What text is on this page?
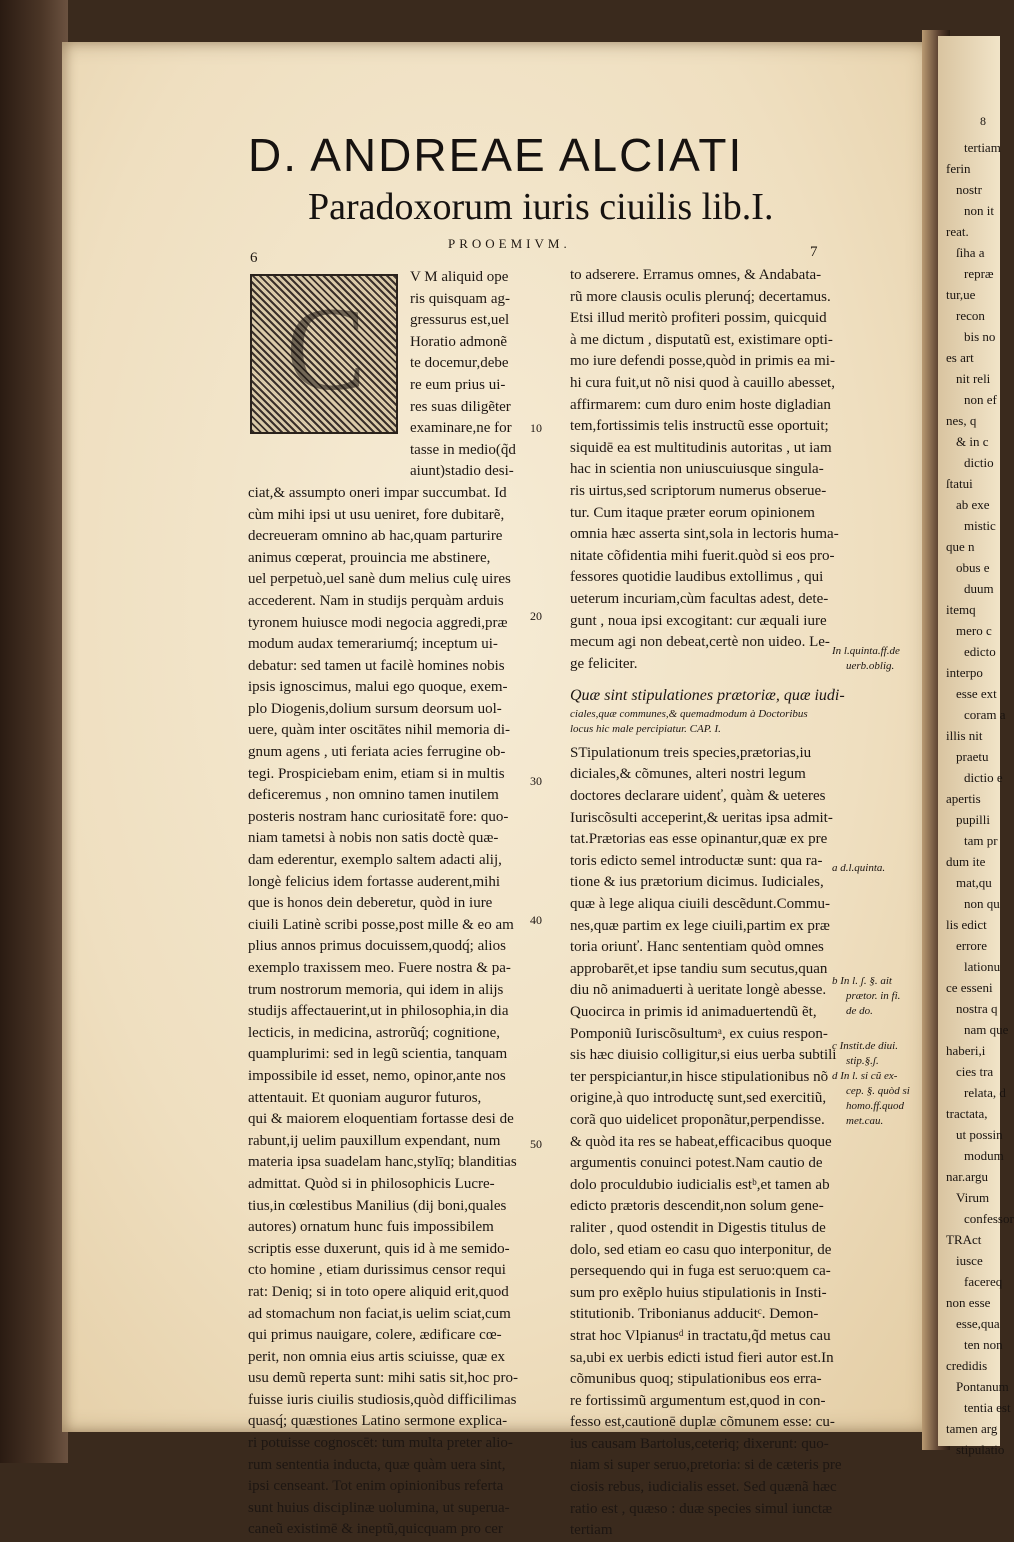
8
tertiam
ferin
nostr
non it
reat.
ſiha a
repræ
tur,ue
recon
bis no
es art
nit reli
non ef
nes, q
& in c
dictio
ſtatui
ab exe
mistic
que n
obus e
duum
itemq
mero c
edicto
interpo
esse ext
coram a
illis nit
praetu
dictio e
apertis
pupilli
tam pr
dum ite
mat,qu
non qu
lis edict
errore
lationu
ce esseni
nostra q
nam que
haberi,i
cies tra
relata, d
tractata,
ut possin
modum
nar.argu
Virum
confessor
TRAct
iusce
facereq
non esse
esse,qua
ten non
credidis
Pontanum
tentia est
tamen arg
stipulatio
D. ANDREAE ALCIATI
Paradoxorum iuris ciuilis lib.I.
PROOEMIVM.
6	7
C
V M aliquid ope
ris quisquam ag-
gressurus est,uel
Horatio admonẽ
te docemur,debe
re eum prius ui-
res suas diligẽter
examinare,ne for
tasse in medio(q̃d
aiunt)stadio desi-
ciat,& assumpto oneri impar succumbat. Id
cùm mihi ipsi ut usu ueniret, fore dubitarẽ,
decreueram omnino ab hac,quam parturire
animus cœperat, prouincia me abstinere,
uel perpetuò,uel sanè dum melius culę uires
accederent. Nam in studijs perquàm arduis
tyronem huiusce modi negocia aggredi,præ
modum audax temerariumq́; inceptum ui-
debatur: sed tamen ut facilè homines nobis
ipsis ignoscimus, malui ego quoque, exem-
plo Diogenis,dolium sursum deorsum uol-
uere, quàm inter oscitātes nihil memoria di-
gnum agens , uti feriata acies ferrugine ob-
tegi. Prospiciebam enim, etiam si in multis
deficeremus , non omnino tamen inutilem
posteris nostram hanc curiositatē fore: quo-
niam tametsi à nobis non satis doctè quæ-
dam ederentur, exemplo saltem adacti alij,
longè felicius idem fortasse auderent,mihi
que is honos dein deberetur, quòd in iure
ciuili Latinè scribi posse,post mille & eo am
plius annos primus docuissem,quodq́; alios
exemplo traxissem meo. Fuere nostra & pa-
trum nostrorum memoria, qui idem in alijs
studijs affectauerint,ut in philosophia,in dia
lecticis, in medicina, astrorũq́; cognitione,
quamplurimi: sed in legũ scientia, tanquam
impossibile id esset, nemo, opinor,ante nos
attentauit. Et quoniam auguror futuros,
qui & maiorem eloquentiam fortasse desi de
rabunt,ij uelim pauxillum expendant, num
materia ipsa suadelam hanc,stylīq; blanditias
admittat. Quòd si in philosophicis Lucre-
tius,in cœlestibus Manilius (dij boni,quales
autores) ornatum hunc fuis impossibilem
scriptis esse duxerunt, quis id à me semido-
cto homine , etiam durissimus censor requi
rat: Deniq; si in toto opere aliquid erit,quod
ad stomachum non faciat,is uelim sciat,cum
qui primus nauigare, colere, ædificare cœ-
perit, non omnia eius artis sciuisse, quæ ex
usu demũ reperta sunt: mihi satis sit,hoc pro-
fuisse iuris ciuilis studiosis,quòd difficilimas
quasq́; quæstiones Latino sermone explica-
ri potuisse cognoscēt: tum multa preter alio-
rum sententia inducta, quæ quàm uera sint,
ipsi censeant. Tot enim opinionibus referta
sunt huius disciplinæ uolumina, ut superua-
caneũ existimē & ineptũ,quicquam pro cer
10
20
30
40
50
to adserere. Erramus omnes, & Andabata-
rũ more clausis oculis plerunq́; decertamus.
Etsi illud meritò profiteri possim, quicquid
à me dictum , disputatũ est, existimare opti-
mo iure defendi posse,quòd in primis ea mi-
hi cura fuit,ut nõ nisi quod à cauillo abesset,
affirmarem: cum duro enim hoste digladian
tem,fortissimis telis instructũ esse oportuit;
siquidē ea est multitudinis autoritas , ut iam
hac in scientia non uniuscuiusque singula-
ris uirtus,sed scriptorum numerus obserue-
tur. Cum itaque præter eorum opinionem
omnia hæc asserta sint,sola in lectoris huma-
nitate cõfidentia mihi fuerit.quòd si eos pro-
fessores quotidie laudibus extollimus , qui
ueterum incuriam,cùm facultas adest, dete-
gunt , noua ipsi excogitant: cur æquali iure
mecum agi non debeat,certè non uideo. Le-
ge feliciter.
Quæ sint stipulationes prætoriæ, quæ iudi-
ciales,quæ communes,& quemadmodum à Doctoribus
locus hic male percipiatur. CAP. I.
STipulationum treis species,prætorias,iu
diciales,& cõmunes, alteri nostri legum
doctores declarare uidenť, quàm & ueteres
Iuriscõsulti acceperint,& ueritas ipsa admit-
tat.Prætorias eas esse opinantur,quæ ex pre
toris edicto semel introductæ sunt: qua ra-
tione & ius prætorium dicimus. Iudiciales,
quæ à lege aliqua ciuili descẽdunt.Commu-
nes,quæ partim ex lege ciuili,partim ex præ
toria oriunť. Hanc sententiam quòd omnes
approbarēt,et ipse tandiu sum secutus,quan
diu nõ animaduerti à ueritate longè abesse.
Quocirca in primis id animaduertendũ ẽt,
Pomponiũ Iuriscõsultumᵃ, ex cuius respon-
sis hæc diuisio colligitur,si eius uerba subtili
ter perspiciantur,in hisce stipulationibus nõ
origine,à quo introductę sunt,sed exercitiũ,
corã quo uidelicet proponãtur,perpendisse.
& quòd ita res se habeat,efficacibus quoque
argumentis conuinci potest.Nam cautio de
dolo proculdubio iudicialis estᵇ,et tamen ab
edicto prætoris descendit,non solum gene-
raliter , quod ostendit in Digestis titulus de
dolo, sed etiam eo casu quo interponitur, de
persequendo qui in fuga est seruo:quem ca-
sum pro exẽplo huius stipulationis in Insti-
stitutionib. Tribonianus adducitᶜ. Demon-
strat hoc Vlpianusᵈ in tractatu,q̃d metus cau
sa,ubi ex uerbis edicti istud fieri autor est.In
cõmunibus quoq; stipulationibus eos erra-
re fortissimũ argumentum est,quod in con-
fesso est,cautionē duplæ cõmunem esse: cu-
ius causam Bartolus,ceteriq; dixerunt: quo-
niam si super seruo,pretoria: si de cæteris pre
ciosis rebus, iudicialis esset. Sed quænã hæc
ratio est , quæso : duæ species simul iunctæ
tertiam
In l.quinta.ff.de
uerb.oblig.
a d.l.quinta.
b In l. ʃ. §. ait
prætor. in fi.
de do.
c Instit.de diui.
stip.§.ʃ.
d In l. si cũ ex-
cep. §. quòd si
homo.ff.quod
met.cau.
